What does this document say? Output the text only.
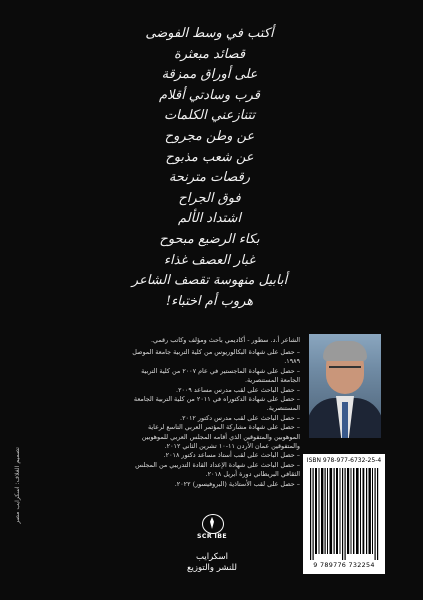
أكتب في وسط الفوضى
قصائد مبعثرة
على أوراق ممزقة
قرب وسادتي أقلام
تتنازعني الكلمات
عن وطن مجروح
عن شعب مذبوح
رقصات مترنحة
فوق الجراح
اشتداد الألم
بكاء الرضيع مبحوح
غبار العصف غذاء
أبابيل منهوسة تقصف الشاعر
هروب أم اختباء!

الشاعر أ.د. سطور - أكاديمي باحث ومؤلف وكاتب رقمي.

– حصل على شهادة البكالوريوس من كلية التربية جامعة الموصل ١٩٨٩.
– حصل على شهادة الماجستير في عام ٢٠٠٧ من كلية التربية الجامعة المستنصرية.
– حصل الباحث على لقب مدرس مساعد ٢٠٠٩.
– حصل على شهادة الدكتوراه في ٢٠١١ من كلية التربية الجامعة المستنصرية.
– حصل الباحث على لقب مدرس دكتور ٢٠١٢.
– حصل على شهادة مشاركة المؤتمر العربي التاسع لرعاية الموهوبين والمتفوقين الذي أقامه المجلس العربي للموهوبين والمتفوقين عمان الأردن ١١-١٠ تشرين الثاني ٢٠١٢.
– حصل الباحث على لقب أستاذ مساعد دكتور ٢٠١٨.
– حصل الباحث على شهادة الإعداد القادة التدريبي من المجلس الثقافي البريطاني دورة أبريل ٢٠١٨.
– حصل على لقب الأستاذية (البروفيسور) ٢٠٢٢.
ISBN 978-977-6732-25-4
9 789776 732254
SCR IBE
اسكرايب
للنشر والتوزيع
تصميم الغلاف: اسكرايب مصر
